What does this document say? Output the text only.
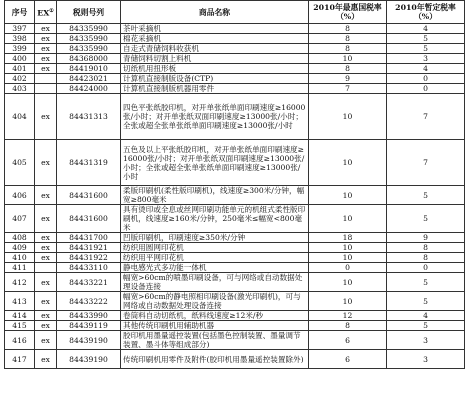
序号	EX①	税则号列	商品名称	2010年最惠国税率（%）	2010年暂定税率（%）
397	ex	84335990	茶叶采摘机	8	4
398	ex	84335990	棉花采摘机	8	5
399	ex	84335990	自走式青储饲料收获机	8	5
400	ex	84368000	青储饲料切割上料机	10	3
401	ex	84419010	切纸机用扭形板	8	4
402		84423021	计算机直接制版设备(CTP)	9	0
403		84424000	计算机直接制版机器用零件	7	0
404	ex	84431313	四色平张纸胶印机，对开单张纸单面印刷速度≥16000张/小时；对开单张纸双面印刷速度≥13000张/小时；全张或超全张单张纸单面印刷速度≥13000张/小时	10	7
405	ex	84431319	五色及以上平张纸胶印机，对开单张纸单面印刷速度≥16000张/小时；对开单张纸双面印刷速度≥13000张/小时；全张或超全张单张纸单面印刷速度≥13000张/小时	10	7
406	ex	84431600	柔版印刷机(柔性版印刷机)，线速度≥300米/分钟，幅宽≥800毫米	10	5
407	ex	84431600	具有烫印或全息或丝网印刷功能单元的机组式柔性版印刷机，线速度≥160米/分钟，250毫米≤幅宽<800毫米	10	5
408	ex	84431700	凹版印刷机，印刷速度≥350米/分钟	18	9
409	ex	84431921	纺织用圆网印花机	10	8
410	ex	84431922	纺织用平网印花机	10	8
411		84433110	静电感光式多功能一体机	0	0
412	ex	84433221	幅宽>60cm的喷墨印刷设备，可与网络或自动数据处理设备连接	10	5
413	ex	84433222	幅宽>60cm的静电照相印刷设备(激光印刷机)，可与网络或自动数据处理设备连接	10	5
414	ex	84433990	卷筒料自动切纸机，纸料线速度≥12米/秒	12	4
415	ex	84439119	其他传统印刷机用辅助机器	8	5
416	ex	84439190	胶印机用墨量遥控装置(包括墨色控制装置、墨量调节装置、墨斗体等组成部分)	6	3
417	ex	84439190	传统印刷机用零件及附件(胶印机用墨量遥控装置除外)	6	3
